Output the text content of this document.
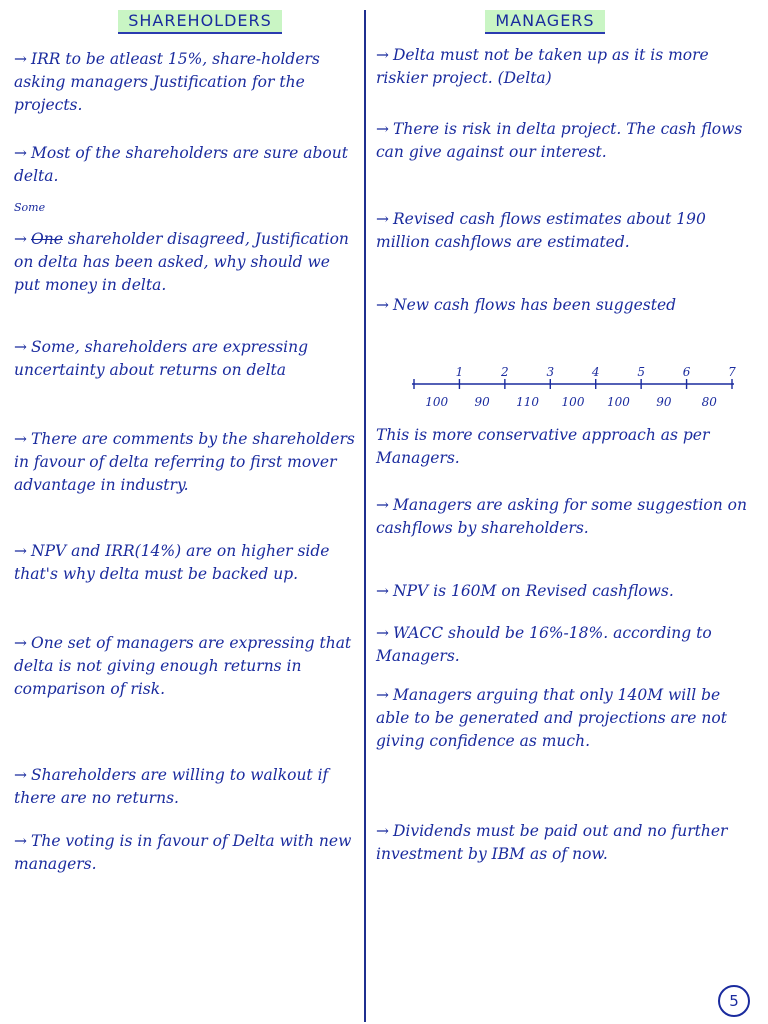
SHAREHOLDERS	MANAGERS
→ IRR to be atleast 15%, share-holders asking managers Justification for the projects.
→ Most of the shareholders are sure about delta.
$^{Some}$
→ One shareholder disagreed, Justification on delta has been asked, why should we put money in delta.
→ Some, shareholders are expressing uncertainty about returns on delta
→ There are comments by the shareholders in favour of delta referring to first mover advantage in industry.
→ NPV and IRR(14%) are on higher side that's why delta must be backed up.
→ One set of managers are expressing that delta is not giving enough returns in comparison of risk.
→ Shareholders are willing to walkout if there are no returns.
→ The voting is in favour of Delta with new managers.
→ Delta must not be taken up as it is more riskier project. (Delta)
→ There is risk in delta project. The cash flows can give against our interest.
→ Revised cash flows estimates about 190 million cashflows are estimated.
→ New cash flows has been suggested
100
1
90
2
110
3
100
4
100
5
90
6
80
7
This is more conservative approach as per Managers.
→ Managers are asking for some suggestion on cashflows by shareholders.
→ NPV is 160M on Revised cashflows.
→ WACC should be 16%-18%. according to Managers.
→ Managers arguing that only 140M will be able to be generated and projections are not giving confidence as much.
→ Dividends must be paid out and no further investment by IBM as of now.
5
